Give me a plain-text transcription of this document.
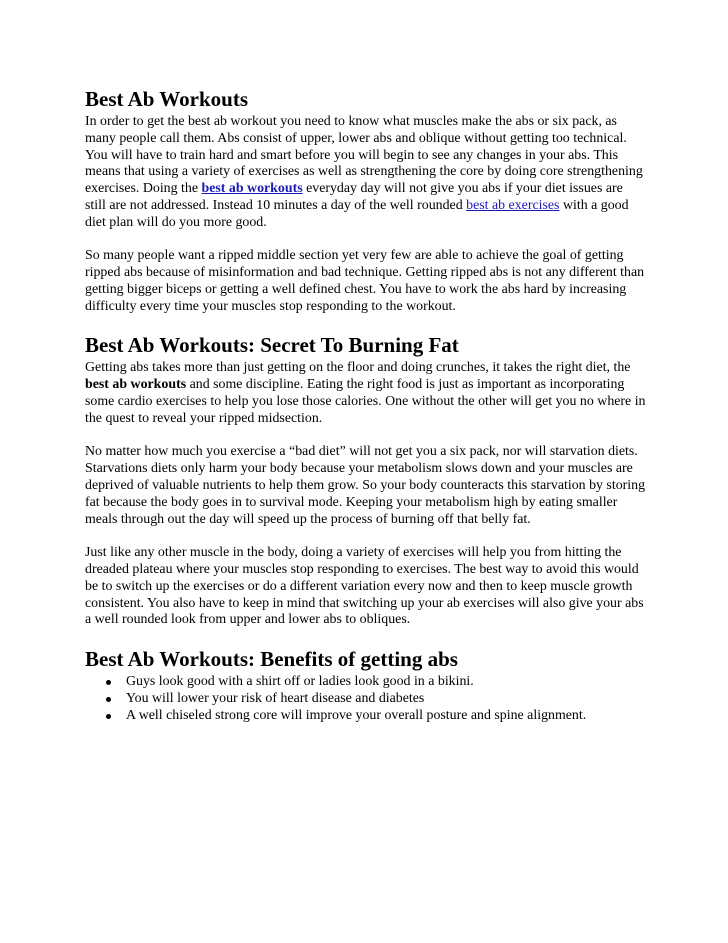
Best Ab Workouts

In order to get the best ab workout you need to know what muscles make the abs or six pack, as many people call them. Abs consist of upper, lower abs and oblique without getting too technical. You will have to train hard and smart before you will begin to see any changes in your abs. This means that using a variety of exercises as well as strengthening the core by doing core strengthening exercises. Doing the best ab workouts everyday day will not give you abs if your diet issues are still are not addressed. Instead 10 minutes a day of the well rounded best ab exercises with a good diet plan will do you more good.

So many people want a ripped middle section yet very few are able to achieve the goal of getting ripped abs because of misinformation and bad technique. Getting ripped abs is not any different than getting bigger biceps or getting a well defined chest. You have to work the abs hard by increasing difficulty every time your muscles stop responding to the workout.

Best Ab Workouts: Secret To Burning Fat

Getting abs takes more than just getting on the floor and doing crunches, it takes the right diet, the best ab workouts and some discipline. Eating the right food is just as important as incorporating some cardio exercises to help you lose those calories. One without the other will get you no where in the quest to reveal your ripped midsection.

No matter how much you exercise a “bad diet” will not get you a six pack, nor will starvation diets. Starvations diets only harm your body because your metabolism slows down and your muscles are deprived of valuable nutrients to help them grow. So your body counteracts this starvation by storing fat because the body goes in to survival mode. Keeping your metabolism high by eating smaller meals through out the day will speed up the process of burning off that belly fat.

Just like any other muscle in the body, doing a variety of exercises will help you from hitting the dreaded plateau where your muscles stop responding to exercises. The best way to avoid this would be to switch up the exercises or do a different variation every now and then to keep muscle growth consistent. You also have to keep in mind that switching up your ab exercises will also give your abs a well rounded look from upper and lower abs to obliques.

Best Ab Workouts: Benefits of getting abs
Guys look good with a shirt off or ladies look good in a bikini.
You will lower your risk of heart disease and diabetes
A well chiseled strong core will improve your overall posture and spine alignment.
